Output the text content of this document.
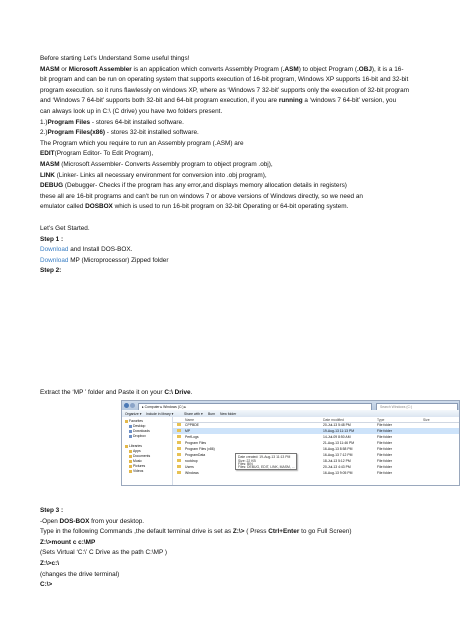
Before starting Let’s Understand Some useful things!
MASM or Microsoft Assembler is an application which converts Assembly Program (.ASM) to object Program (.OBJ), it is a 16-
bit program and can be run on operating system that supports execution of 16-bit program, Windows XP supports 16-bit and 32-bit
program execution. so it runs flawlessly on windows XP, where as ‘Windows 7 32-bit’ supports only the execution of 32-bit program
and ‘Windows 7 64-bit’ supports both 32-bit and 64-bit program execution, if you are running a ‘windows 7 64-bit’ version, you
can always look up in C:\ (C drive) you have two folders present.
1.)Program Files - stores 64-bit installed software.
2.)Program Files(x86) - stores 32-bit installed software.
The Program which you require to run an Assembly program (.ASM) are
EDIT(Program Editor- To Edit Program),
MASM (Microsoft Assembler- Converts Assembly program to object program .obj),
LINK (Linker- Links all necessary environment for conversion into .obj program),
DEBUG (Debugger- Checks if the program has any error,and displays memory allocation details in registers)
these all are 16-bit programs and can't be run on windows 7 or above versions of Windows directly, so we need an
emulator called DOSBOX which is used to run 16-bit program on 32-bit Operating or 64-bit operating system.
Let’s Get Started.
Step 1 :
Download and Install DOS-BOX.
Download MP (Microprocessor) Zipped folder
Step 2:
Extract the ‘MP ’ folder and Paste it on your C:\ Drive.
▸ Computer ▸ Windows (C:) ▸	Search Windows (C:)
Organize ▾ Include in library ▾	Share with ▾ Burn New folder
Favorites
Desktop
Downloads
Dropbox
Libraries
Apps
Documents
Music
Pictures
Videos
Name	Date modified	Type	Size
CPPBDE	20-Jul-13 5:48 PM	File folder
MP	19-Aug-13 11:13 PM	File folder
PerfLogs	14-Jul-09 8:50 AM	File folder
Program Files	21-Aug-13 11:46 PM	File folder
Program Files (x86)	16-Aug-13 8:58 PM	File folder
ProgramData	16-Aug-13 7:12 PM	File folder
rootdrop	18-Jul-13 5:12 PM	File folder
Users	20-Jul-13 4:43 PM	File folder
Windows	16-Aug-13 9:05 PM	File folder
Date created: 19-Aug-13 11:13 PM
Size: 22 KB
Files: BIN
Files: DEBUG, EDIT, LINK, MASM, ...
Step 3 :
-Open DOS-BOX from your desktop.
Type in the following Commands ,the default terminal drive is set as Z:\> ( Press Ctrl+Enter to go Full Screen)
Z:\>mount c c:\MP
(Sets Virtual ‘C:\’ C Drive as the path C:\MP )
Z:\>c:\
(changes the drive terminal)
C:\>
